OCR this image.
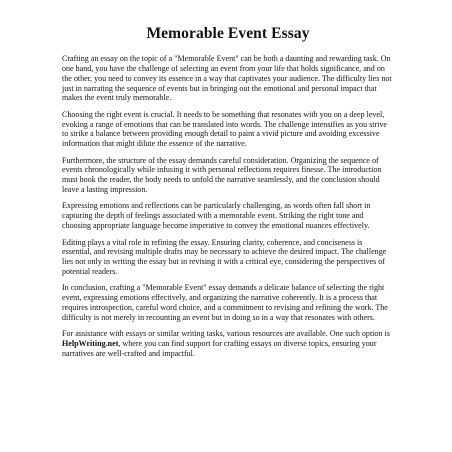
Memorable Event Essay

Crafting an essay on the topic of a "Memorable Event" can be both a daunting and rewarding task. On one hand, you have the challenge of selecting an event from your life that holds significance, and on the other, you need to convey its essence in a way that captivates your audience. The difficulty lies not just in narrating the sequence of events but in bringing out the emotional and personal impact that makes the event truly memorable.

Choosing the right event is crucial. It needs to be something that resonates with you on a deep level, evoking a range of emotions that can be translated into words. The challenge intensifies as you strive to strike a balance between providing enough detail to paint a vivid picture and avoiding excessive information that might dilute the essence of the narrative.

Furthermore, the structure of the essay demands careful consideration. Organizing the sequence of events chronologically while infusing it with personal reflections requires finesse. The introduction must hook the reader, the body needs to unfold the narrative seamlessly, and the conclusion should leave a lasting impression.

Expressing emotions and reflections can be particularly challenging, as words often fall short in capturing the depth of feelings associated with a memorable event. Striking the right tone and choosing appropriate language become imperative to convey the emotional nuances effectively.

Editing plays a vital role in refining the essay. Ensuring clarity, coherence, and conciseness is essential, and revising multiple drafts may be necessary to achieve the desired impact. The challenge lies not only in writing the essay but in revising it with a critical eye, considering the perspectives of potential readers.

In conclusion, crafting a "Memorable Event" essay demands a delicate balance of selecting the right event, expressing emotions effectively, and organizing the narrative coherently. It is a process that requires introspection, careful word choice, and a commitment to revising and refining the work. The difficulty is not merely in recounting an event but in doing so in a way that resonates with others.

For assistance with essays or similar writing tasks, various resources are available. One such option is HelpWriting.net, where you can find support for crafting essays on diverse topics, ensuring your narratives are well-crafted and impactful.
